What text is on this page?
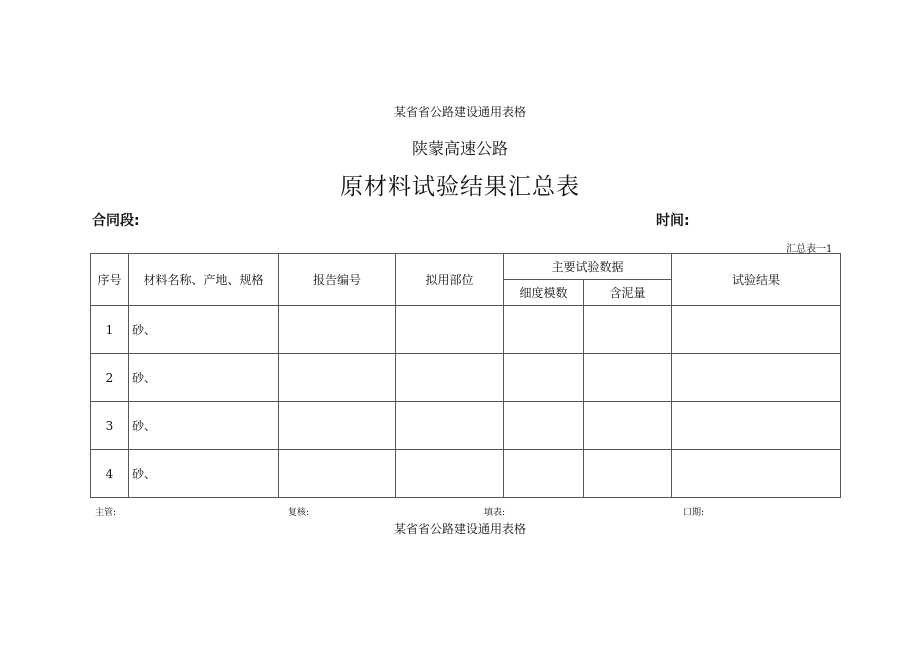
某省省公路建设通用表格
陕蒙高速公路
原材料试验结果汇总表
合同段:	时间:
汇总表一1
序号	材料名称、产地、规格	报告编号	拟用部位	主要试验数据		试验结果
				细度模数	含泥量	
1	砂、					
2	砂、					
3	砂、					
4	砂、					
主管:	复核:	填表:	口期:
某省省公路建设通用表格
